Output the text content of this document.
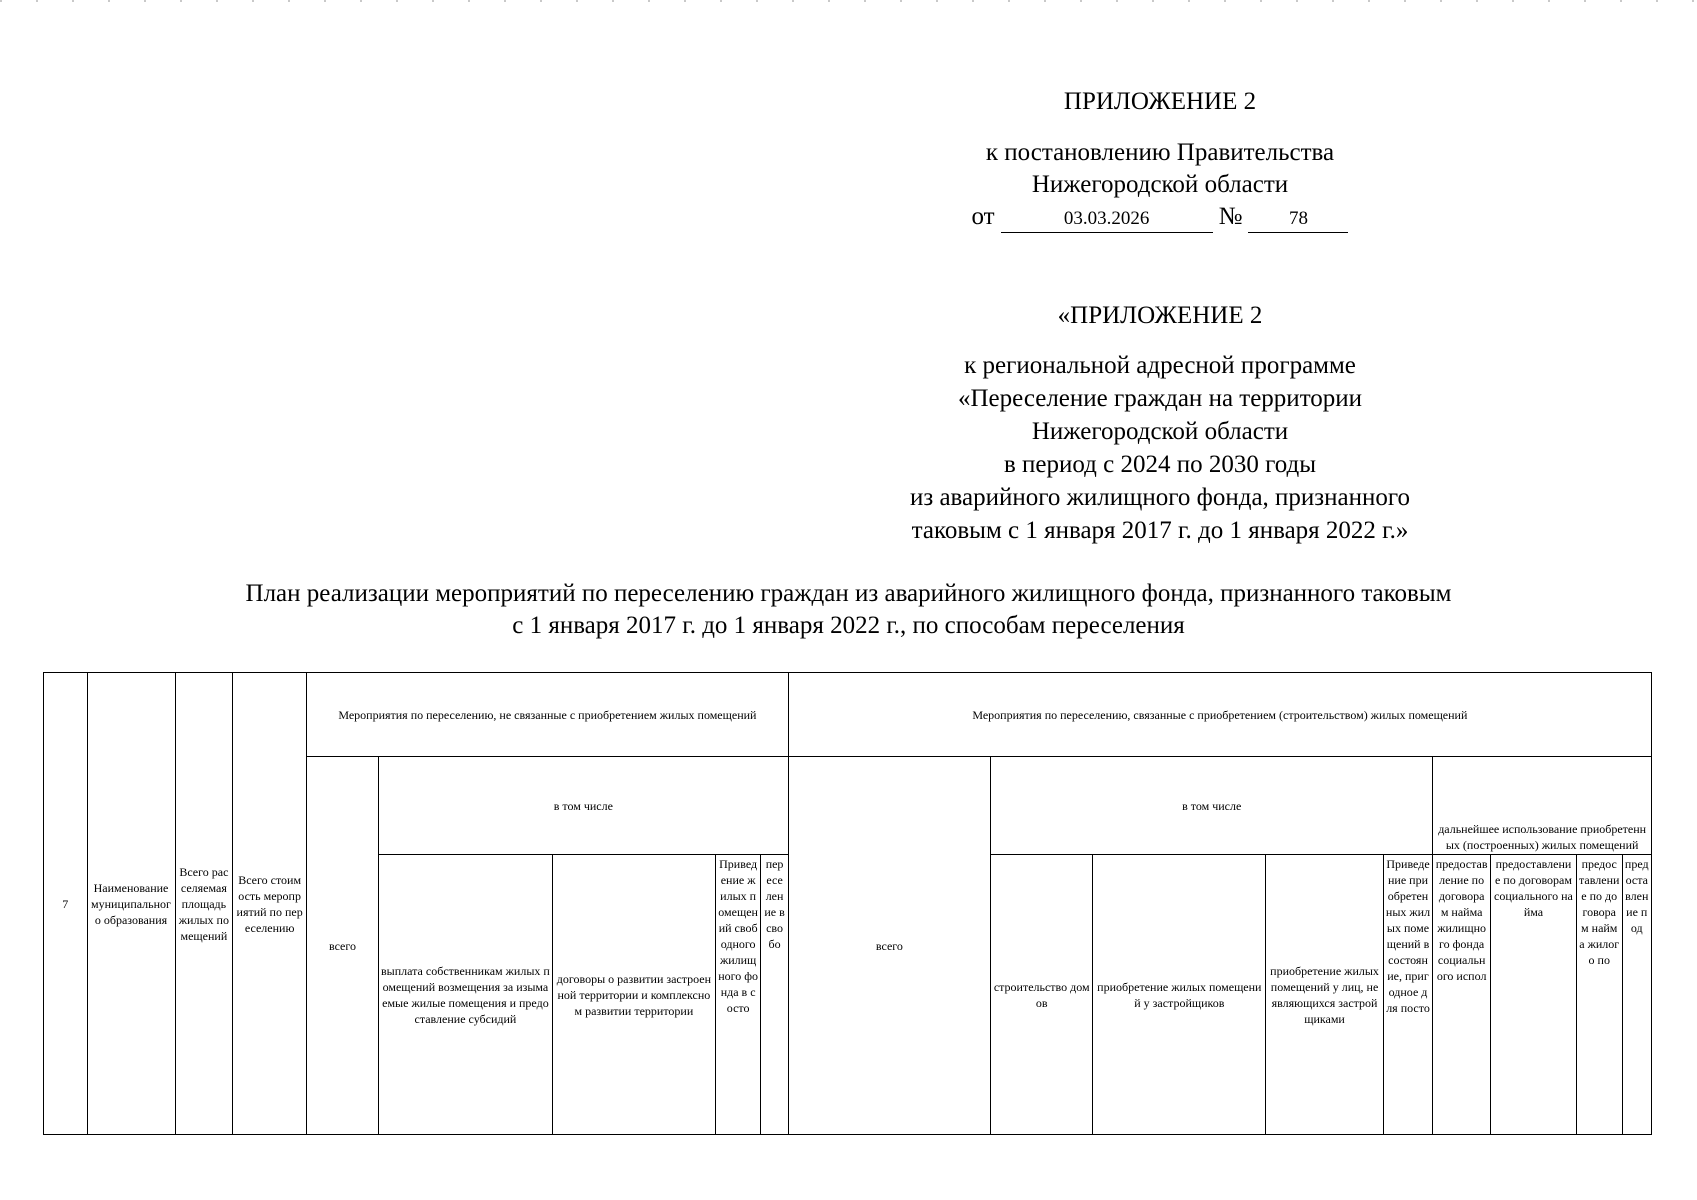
ПРИЛОЖЕНИЕ 2
к постановлению Правительства
Нижегородской области
от	03.03.2026	№	78
«ПРИЛОЖЕНИЕ 2
к региональной адресной программе
«Переселение граждан на территории
Нижегородской области
в период с 2024 по 2030 годы
из аварийного жилищного фонда, признанного
таковым с 1 января 2017 г. до 1 января 2022 г.»
План реализации мероприятий по переселению граждан из аварийного жилищного фонда, признанного таковым
с 1 января 2017 г. до 1 января 2022 г., по способам переселения
7	Наименование муниципального образования	Всего расселяемая площадь жилых помещений	Всего стоимость мероприятий по переселению	Мероприятия по переселению, не связанные с приобретением жилых помещений					Мероприятия по переселению, связанные с приобретением (строительством) жилых помещений								
				всего	в том числе				всего	в том числе				дальнейшее использование приобретенных (построенных) жилых помещений			
					выплата собственникам жилых помещений возмещения за изымаемые жилые помещения и предоставление субсидий	договоры о развитии застроенной территории и комплексном развитии территории	Приведение жилых помещений свободного жилищного фонда в состо	переселение в свобо		строительство домов	приобретение жилых помещений у застройщиков	приобретение жилых помещений у лиц, не являющихся застройщиками	Приведение приобретенных жилых помещений в состояние, пригодное для посто	предоставление по договорам найма жилищного фонда социального испол	предоставление по договорам социального найма	предоставление по договорам найма жилого по	предоставление под
